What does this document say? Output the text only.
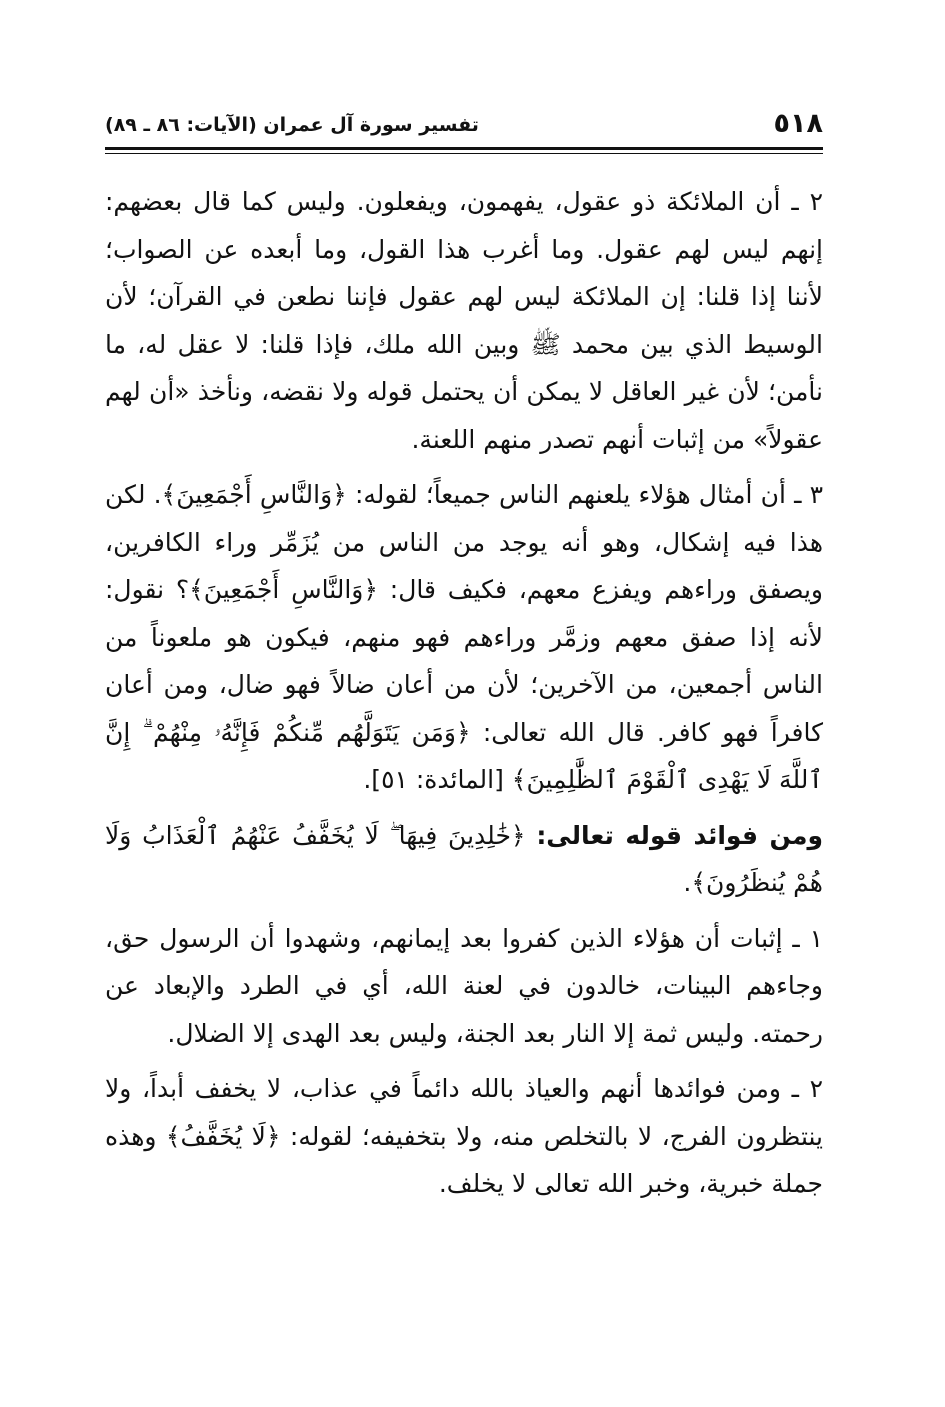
٥١٨
تفسير سورة آل عمران (الآيات: ٨٦ ـ ٨٩)

٢ ـ أن الملائكة ذو عقول، يفهمون، ويفعلون. وليس كما قال بعضهم: إنهم ليس لهم عقول. وما أغرب هذا القول، وما أبعده عن الصواب؛ لأننا إذا قلنا: إن الملائكة ليس لهم عقول فإننا نطعن في القرآن؛ لأن الوسيط الذي بين محمد ﷺ وبين الله ملك، فإذا قلنا: لا عقل له، ما نأمن؛ لأن غير العاقل لا يمكن أن يحتمل قوله ولا نقضه، ونأخذ «أن لهم عقولاً» من إثبات أنهم تصدر منهم اللعنة.

٣ ـ أن أمثال هؤلاء يلعنهم الناس جميعاً؛ لقوله: ﴿وَالنَّاسِ أَجْمَعِينَ﴾. لكن هذا فيه إشكال، وهو أنه يوجد من الناس من يُزَمِّر وراء الكافرين، ويصفق وراءهم ويفزع معهم، فكيف قال: ﴿وَالنَّاسِ أَجْمَعِينَ﴾؟ نقول: لأنه إذا صفق معهم وزمَّر وراءهم فهو منهم، فيكون هو ملعوناً من الناس أجمعين، من الآخرين؛ لأن من أعان ضالاً فهو ضال، ومن أعان كافراً فهو كافر. قال الله تعالى: ﴿وَمَن يَتَوَلَّهُم مِّنكُمْ فَإِنَّهُۥ مِنْهُمْ ۗ إِنَّ ٱللَّهَ لَا يَهْدِى ٱلْقَوْمَ ٱلظَّٰلِمِينَ﴾ [المائدة: ٥١].

ومن فوائد قوله تعالى: ﴿خَٰلِدِينَ فِيهَا ۖ لَا يُخَفَّفُ عَنْهُمُ ٱلْعَذَابُ وَلَا هُمْ يُنظَرُونَ﴾.

١ ـ إثبات أن هؤلاء الذين كفروا بعد إيمانهم، وشهدوا أن الرسول حق، وجاءهم البينات، خالدون في لعنة الله، أي في الطرد والإبعاد عن رحمته. وليس ثمة إلا النار بعد الجنة، وليس بعد الهدى إلا الضلال.

٢ ـ ومن فوائدها أنهم والعياذ بالله دائماً في عذاب، لا يخفف أبداً، ولا ينتظرون الفرج، لا بالتخلص منه، ولا بتخفيفه؛ لقوله: ﴿لَا يُخَفَّفُ﴾ وهذه جملة خبرية، وخبر الله تعالى لا يخلف.
